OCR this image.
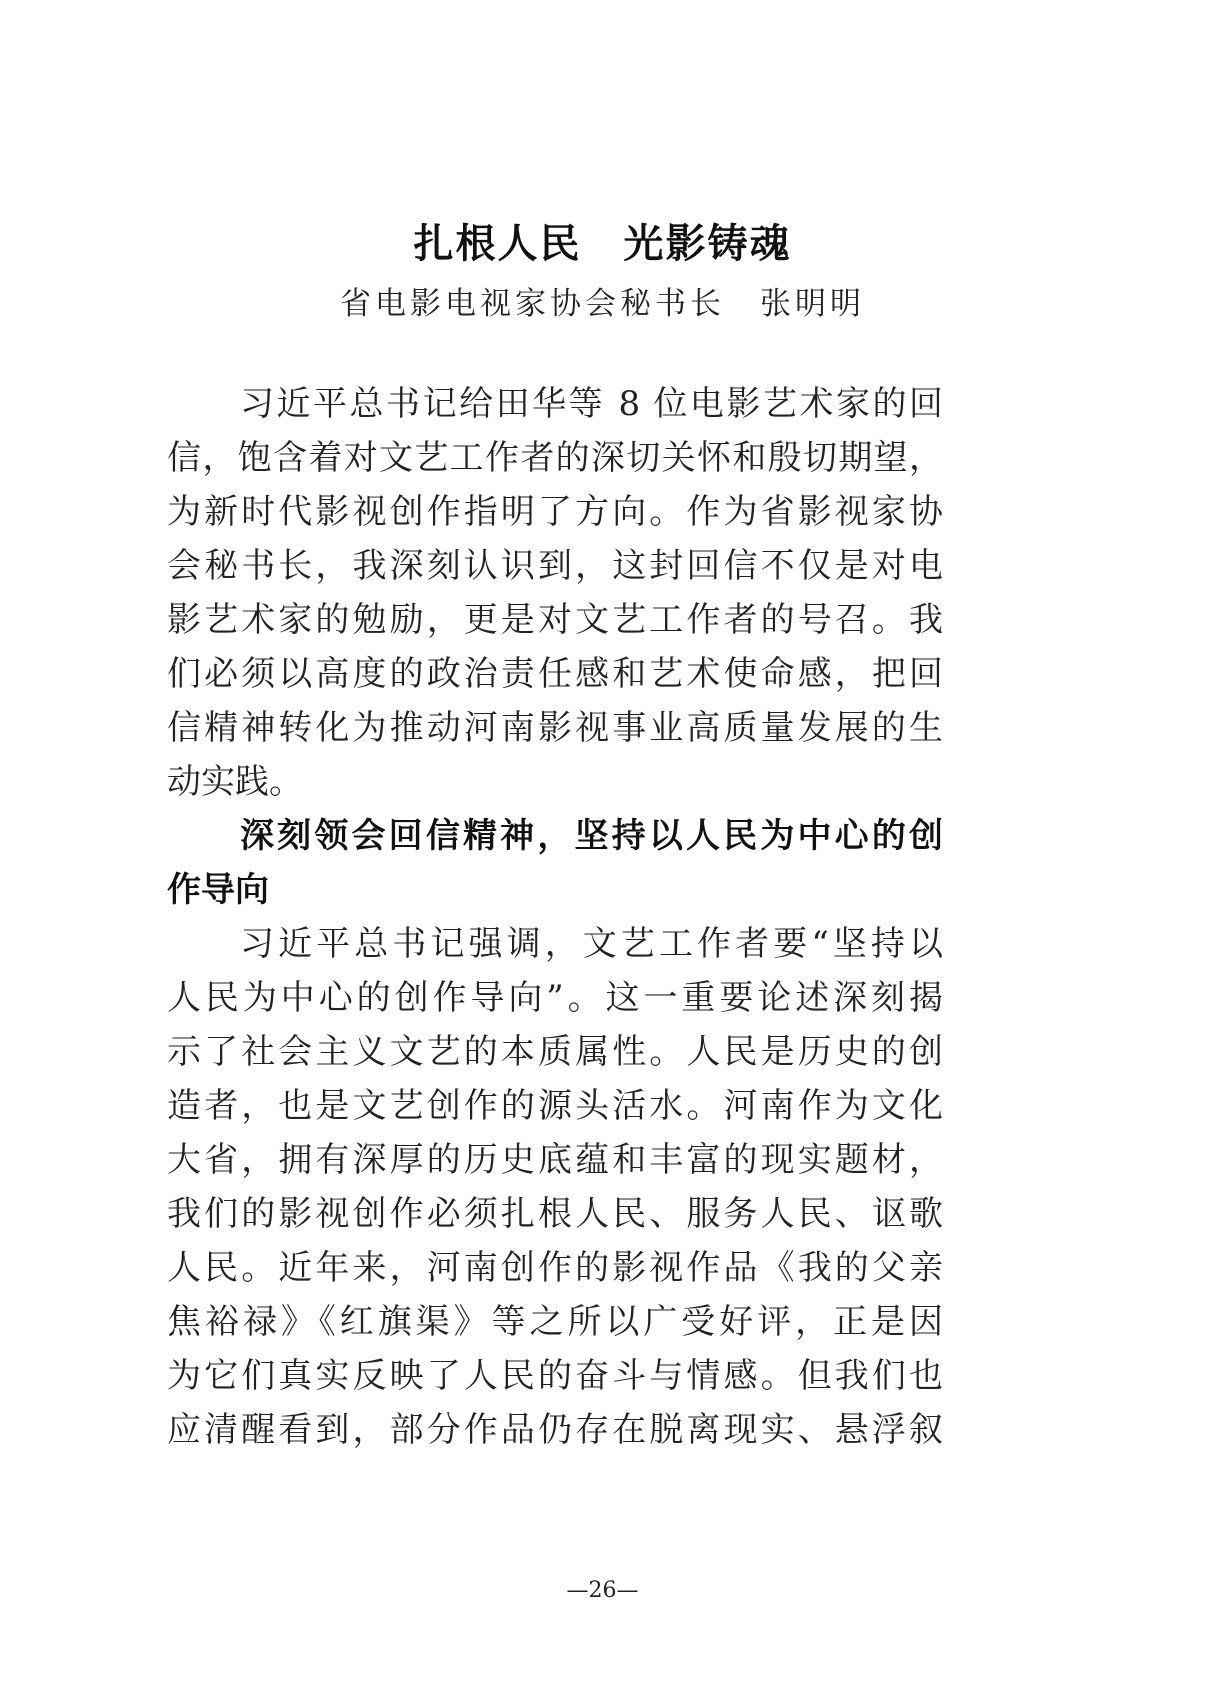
扎根人民　光影铸魂
省电影电视家协会秘书长　张明明
习近平总书记给田华等 8 位电影艺术家的回
信，饱含着对文艺工作者的深切关怀和殷切期望，
为新时代影视创作指明了方向。作为省影视家协
会秘书长，我深刻认识到，这封回信不仅是对电
影艺术家的勉励，更是对文艺工作者的号召。我
们必须以高度的政治责任感和艺术使命感，把回
信精神转化为推动河南影视事业高质量发展的生
动实践。
深刻领会回信精神，坚持以人民为中心的创
作导向
习近平总书记强调，文艺工作者要“坚持以
人民为中心的创作导向”。这一重要论述深刻揭
示了社会主义文艺的本质属性。人民是历史的创
造者，也是文艺创作的源头活水。河南作为文化
大省，拥有深厚的历史底蕴和丰富的现实题材，
我们的影视创作必须扎根人民、服务人民、讴歌
人民。近年来，河南创作的影视作品《我的父亲
焦裕禄》《红旗渠》等之所以广受好评，正是因
为它们真实反映了人民的奋斗与情感。但我们也
应清醒看到，部分作品仍存在脱离现实、悬浮叙
—26—
